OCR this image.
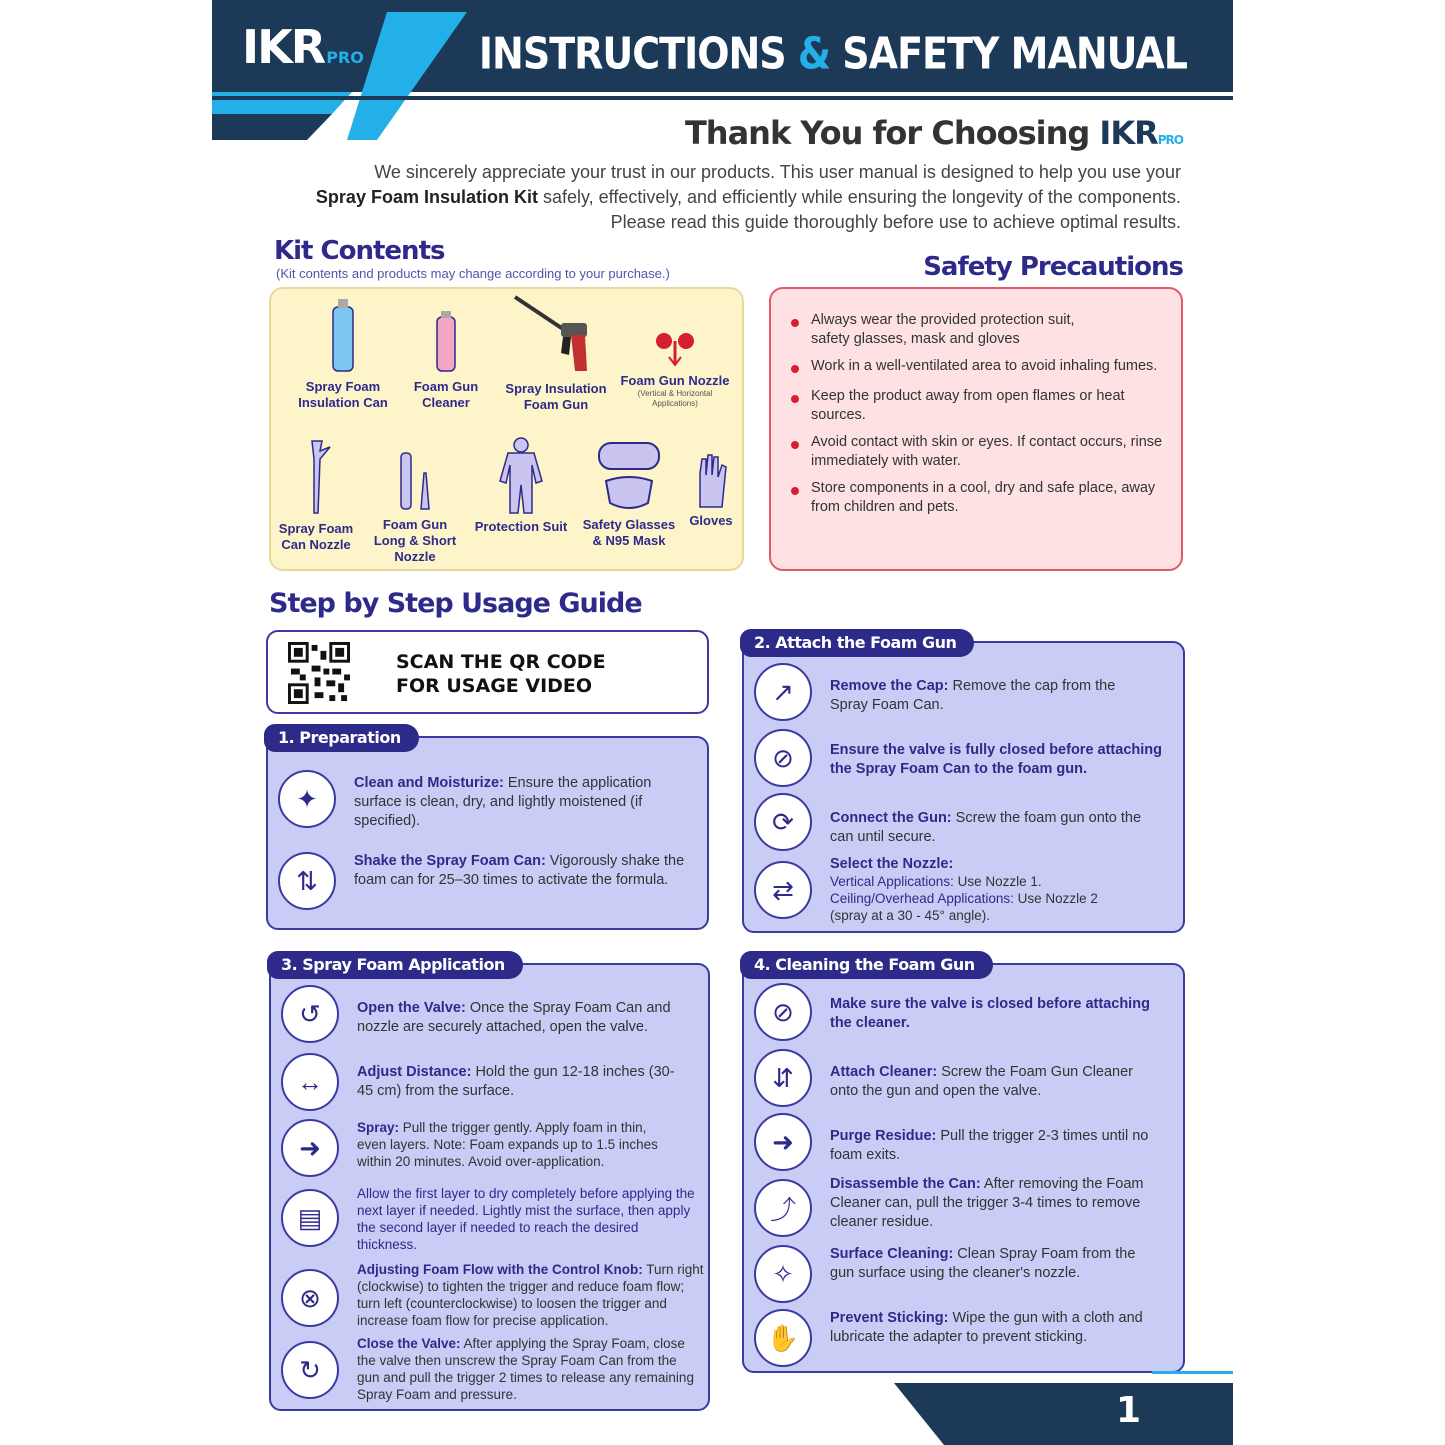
IKR PRO	INSTRUCTIONS & SAFETY MANUAL
Thank You for Choosing IKRPRO
We sincerely appreciate your trust in our products. This user manual is designed to help you use your
Spray Foam Insulation Kit safely, effectively, and efficiently while ensuring the longevity of the components.
Please read this guide thoroughly before use to achieve optimal results.
Kit Contents
(Kit contents and products may change according to your purchase.)	Safety Precautions
Spray Foam Insulation Can
Foam Gun Cleaner
Spray Insulation Foam Gun
Foam Gun Nozzle
(Vertical & Horizontal Applications)
Spray Foam Can Nozzle
Foam Gun Long & Short Nozzle
Protection Suit Safety Glasses & N95 Mask
Gloves
Always wear the provided protection suit, safety glasses, mask and gloves
Work in a well-ventilated area to avoid inhaling fumes.
Keep the product away from open flames or heat sources.
Avoid contact with skin or eyes. If contact occurs, rinse immediately with water.
Store components in a cool, dry and safe place, away from children and pets.
Step by Step Usage Guide
SCAN THE QR CODE
FOR USAGE VIDEO
1. Preparation
✦
Clean and Moisturize: Ensure the application surface is clean, dry, and lightly moistened (if specified).
⇅
Shake the Spray Foam Can: Vigorously shake the foam can for 25–30 times to activate the formula.
2. Attach the Foam Gun
↗	Remove the Cap: Remove the cap from the Spray Foam Can.
⊘	Ensure the valve is fully closed before attaching the Spray Foam Can to the foam gun.
⟳	Connect the Gun: Screw the foam gun onto the can until secure.
⇄
Select the Nozzle:
Vertical Applications: Use Nozzle 1.
Ceiling/Overhead Applications: Use Nozzle 2
(spray at a 30 - 45° angle).
3. Spray Foam Application
↺	Open the Valve: Once the Spray Foam Can and nozzle are securely attached, open the valve.
↔	Adjust Distance: Hold the gun 12-18 inches (30-45 cm) from the surface.
➜
Spray: Pull the trigger gently. Apply foam in thin, even layers. Note: Foam expands up to 1.5 inches within 20 minutes. Avoid over-application.
▤
Allow the first layer to dry completely before applying the next layer if needed. Lightly mist the surface, then apply the second layer if needed to reach the desired thickness.
⊗
Adjusting Foam Flow with the Control Knob: Turn right (clockwise) to tighten the trigger and reduce foam flow; turn left (counterclockwise) to loosen the trigger and increase foam flow for precise application.
↻
Close the Valve: After applying the Spray Foam, close the valve then unscrew the Spray Foam Can from the gun and pull the trigger 2 times to release any remaining Spray Foam and pressure.
4. Cleaning the Foam Gun
⊘	Make sure the valve is closed before attaching the cleaner.
⇵	Attach Cleaner: Screw the Foam Gun Cleaner onto the gun and open the valve.
➜	Purge Residue: Pull the trigger 2-3 times until no foam exits.
⤴
Disassemble the Can: After removing the Foam Cleaner can, pull the trigger 3-4 times to remove cleaner residue.
✧
Surface Cleaning: Clean Spray Foam from the gun surface using the cleaner's nozzle.
✋
Prevent Sticking: Wipe the gun with a cloth and lubricate the adapter to prevent sticking.
1
